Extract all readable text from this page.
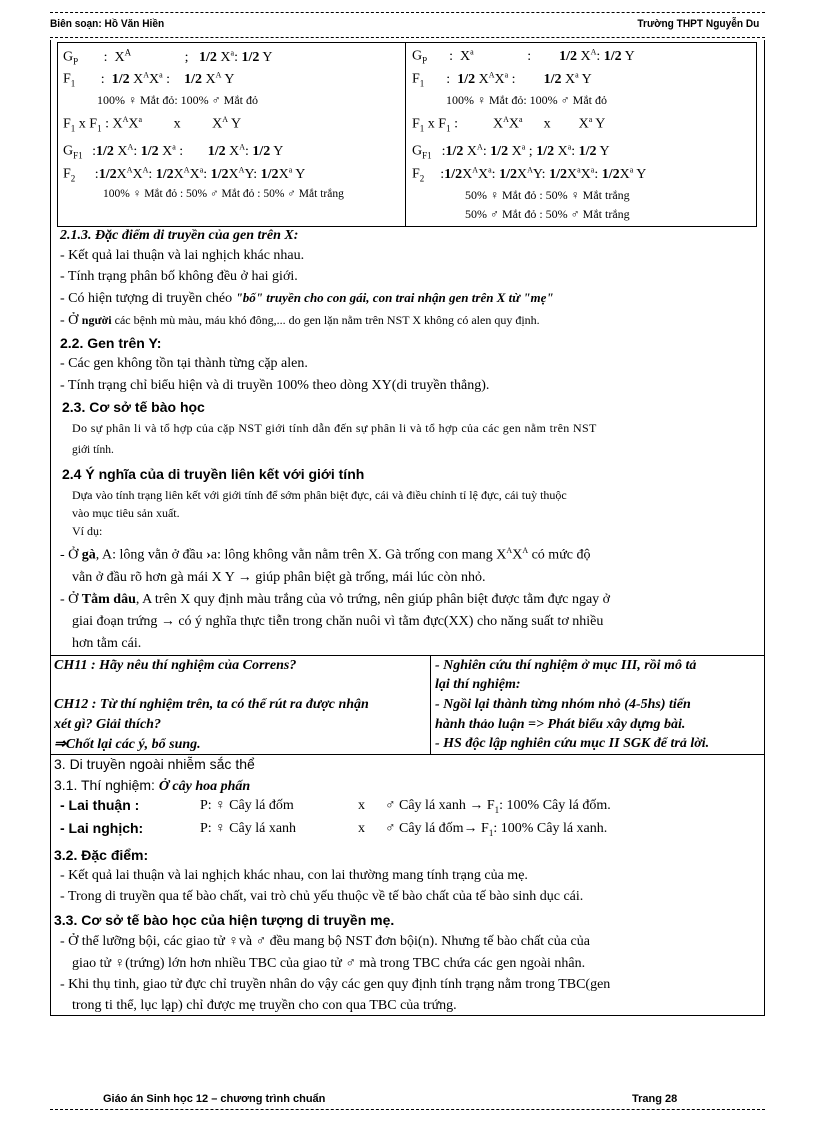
Biên soạn: Hồ Văn Hiền	Trường THPT Nguyễn Du
$G_P$ :  $X^A$	;   1/2 $X^a$: 1/2 Y
$F_1$ :  1/2 $X^AX^a$ :    1/2 $X^A$ Y
100% ♀ Mắt đỏ: 100% ♂ Mắt đỏ
$F_1$ x $F_1$ : $X^AX^a$         x         $X^A$ Y
$G_{F1}$ :1/2 $X^A$: 1/2 $X^a$ :       1/2 $X^A$: 1/2 Y
$F_2$ $:1/2X^AX^A$: $1/2X^AX^a$: $1/2X^AY$: $1/2X^a$ Y
100% ♀ Mắt đỏ : 50% ♂ Mắt đỏ : 50% ♂ Mắt trắng
$G_P$ :  $X^a$	:        1/2 $X^A$: 1/2 Y
$F_1$ :  1/2 $X^AX^a$ :        1/2 $X^a$ Y
100% ♀ Mắt đỏ: 100% ♂ Mắt đỏ
$F_1$ x $F_1$ :          $X^AX^a$      x        $X^a$ Y
$G_{F1}$ :1/2 $X^A$: 1/2 $X^a$ ; 1/2 $X^a$: 1/2 Y
$F_2$ $:1/2X^AX^a$: $1/2X^AY$: $1/2X^aX^a$: $1/2X^a$ Y
50% ♀ Mắt đỏ : 50% ♀ Mắt trắng
50% ♂ Mắt đỏ : 50% ♂ Mắt trắng
2.1.3. Đặc điểm di truyền của gen trên X:
- Kết quả lai thuận và lai nghịch khác nhau.
- Tính trạng phân bố không đều ở hai giới.
- Có hiện tượng di truyền chéo "bố" truyền cho con gái, con trai nhận gen trên X từ "mẹ"
- Ở người các bệnh mù màu, máu khó đông,... do gen lặn nằm trên NST X không có alen quy định.
2.2. Gen trên Y:
- Các gen không tồn tại thành từng cặp alen.
- Tính trạng chỉ biểu hiện và di truyền 100% theo dòng XY(di truyền thẳng).
2.3. Cơ sở tế bào học
Do sự phân li và tổ hợp của cặp NST giới tính dẫn đến sự phân li và tổ hợp của các gen nằm trên NST
giới tính.
2.4 Ý nghĩa của di truyền liên kết với giới tính
Dựa vào tính trạng liên kết với giới tính để sớm phân biệt đực, cái và điều chỉnh tỉ lệ đực, cái tuỳ thuộc
vào mục tiêu sản xuất.
Ví dụ:
- Ở gà, A: lông vằn ở đầu ›a: lông không vằn nằm trên X. Gà trống con mang $X^AX^A$ có mức độ
vằn ở đầu rõ hơn gà mái X Y → giúp phân biệt gà trống, mái lúc còn nhỏ.
- Ở Tằm dâu, A trên X quy định màu trắng của vỏ trứng, nên giúp phân biệt được tằm đực ngay ở
giai đoạn trứng → có ý nghĩa thực tiễn trong chăn nuôi vì tằm đực(XX) cho năng suất tơ nhiều
hơn tằm cái.
CH11 : Hãy nêu thí nghiệm của Correns?
CH12 : Từ thí nghiệm trên, ta có thể rút ra được nhận
xét gì? Giải thích?
⇒Chốt lại các ý, bổ sung.
- Nghiên cứu thí nghiệm ở mục III, rồi mô tả
lại thí nghiệm:
- Ngồi lại thành từng nhóm nhỏ (4-5hs) tiến
hành thảo luận => Phát biểu xây dựng bài.
- HS độc lập nghiên cứu mục II SGK để trả lời.
3. Di truyền ngoài nhiễm sắc thể
3.1. Thí nghiệm: Ở cây hoa phấn
- Lai thuận :	P: ♀ Cây lá đốm	x ♂ Cây lá xanh → $F_1$: 100% Cây lá đốm.
- Lai nghịch:	P: ♀ Cây lá xanh	x ♂ Cây lá đốm→ $F_1$: 100% Cây lá xanh.
3.2. Đặc điểm:
- Kết quả lai thuận và lai nghịch khác nhau, con lai thường mang tính trạng của mẹ.
- Trong di truyền qua tế bào chất, vai trò chủ yếu thuộc về tế bào chất của tế bào sinh dục cái.
3.3. Cơ sở tế bào học của hiện tượng di truyền mẹ.
- Ở thể lưỡng bội, các giao tử ♀và ♂ đều mang bộ NST đơn bội(n). Nhưng tế bào chất của của
giao tử ♀(trứng) lớn hơn nhiều TBC của giao tử ♂ mà trong TBC chứa các gen ngoài nhân.
- Khi thụ tinh, giao tử đực chỉ truyền nhân do vậy các gen quy định tính trạng nằm trong TBC(gen
trong ti thể, lục lạp) chỉ được mẹ truyền cho con qua TBC của trứng.
Giáo án Sinh học 12 – chương trình chuẩn	Trang 28
